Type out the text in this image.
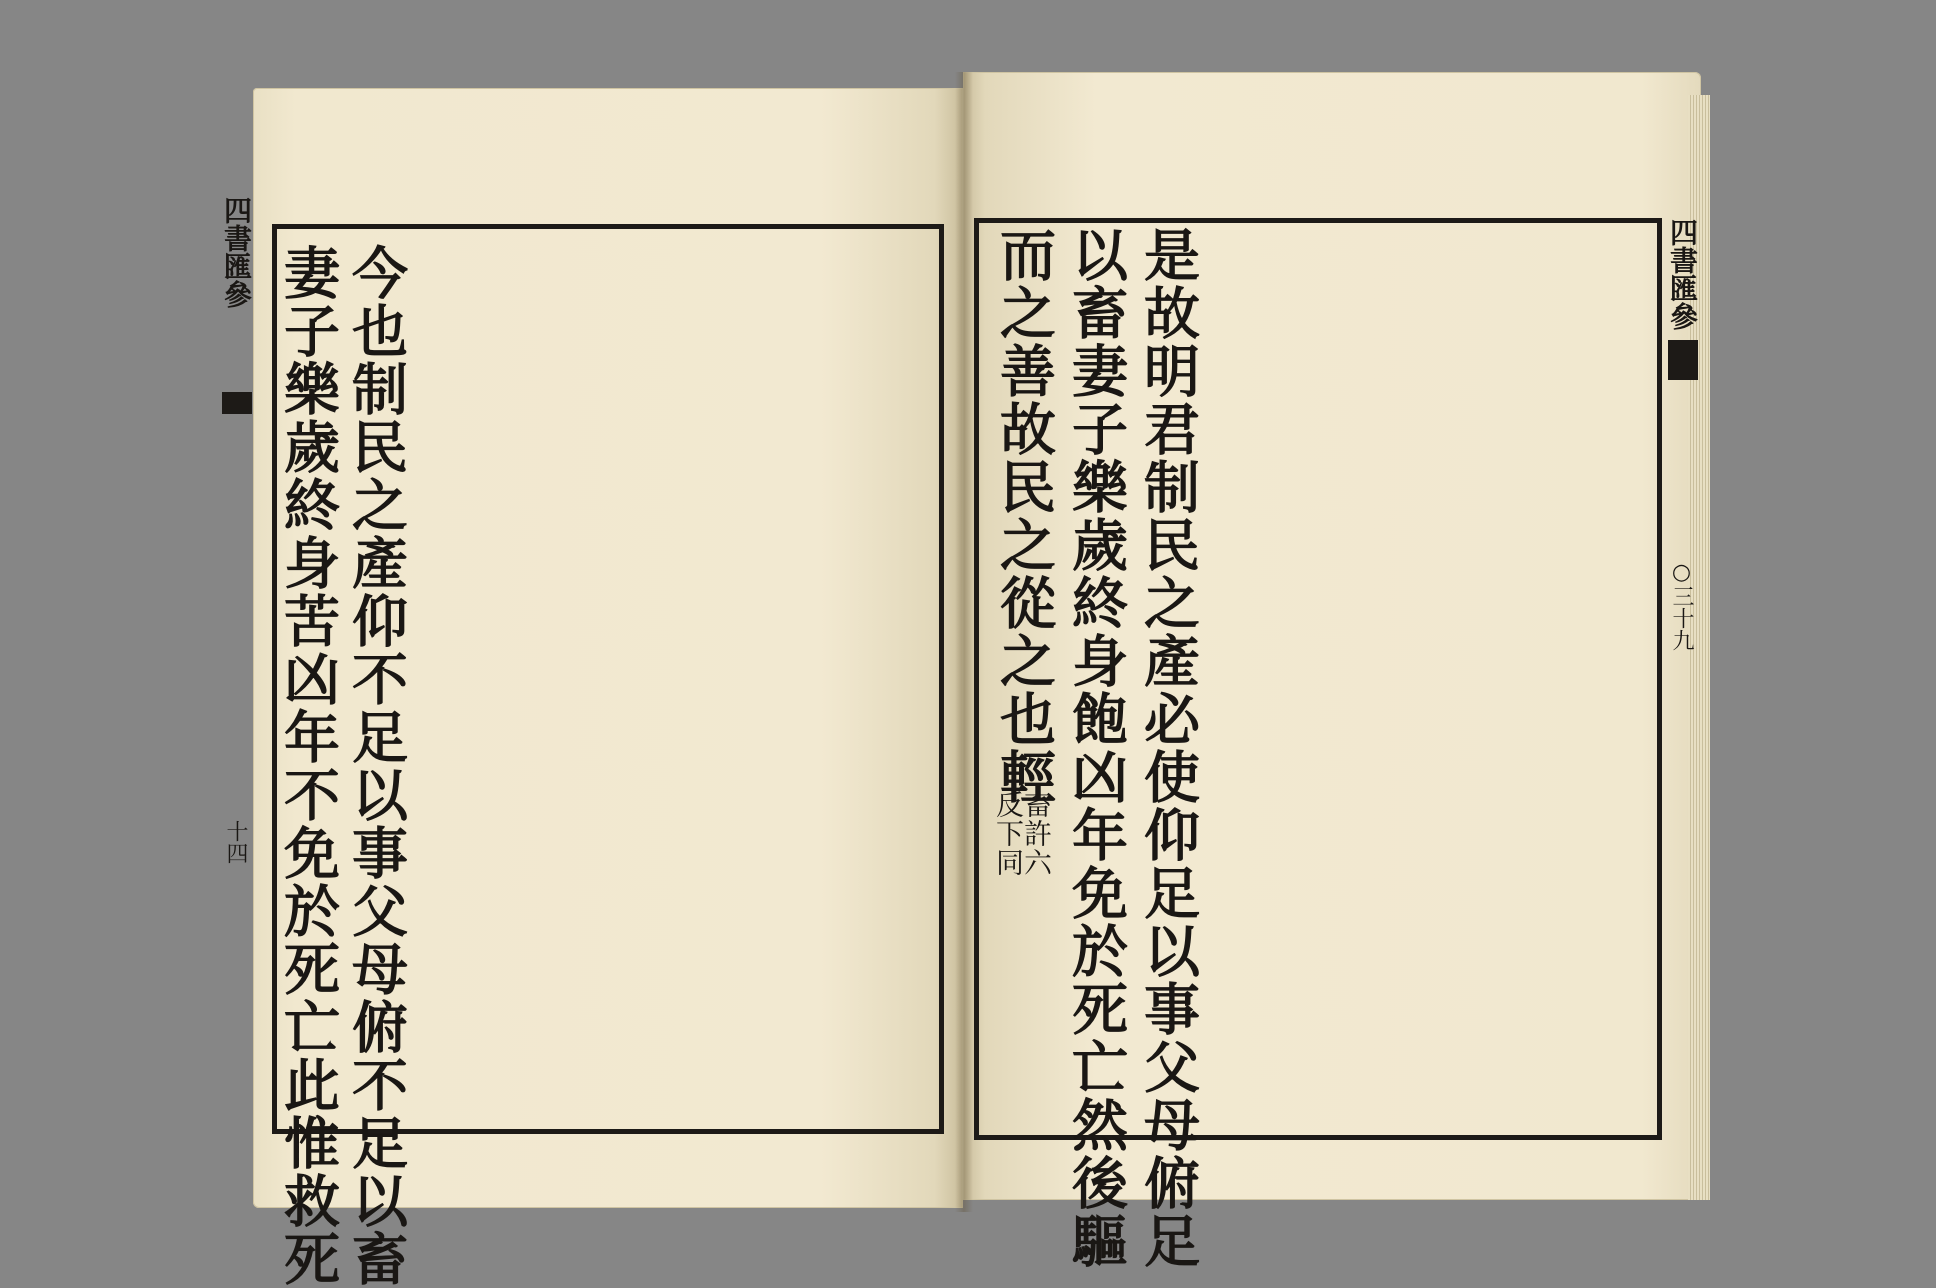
四書匯參
十四
四書匯參
○三十九
今也制民之產仰不足以事父母俯不足以畜
妻子樂歲終身苦凶年不免於死亡此惟救死	是故明君制民之產必使仰足以事父母俯足
以畜妻子樂歲終身飽凶年免於死亡然後驅
而之善故民之從之也輕
畜許六
反下同
